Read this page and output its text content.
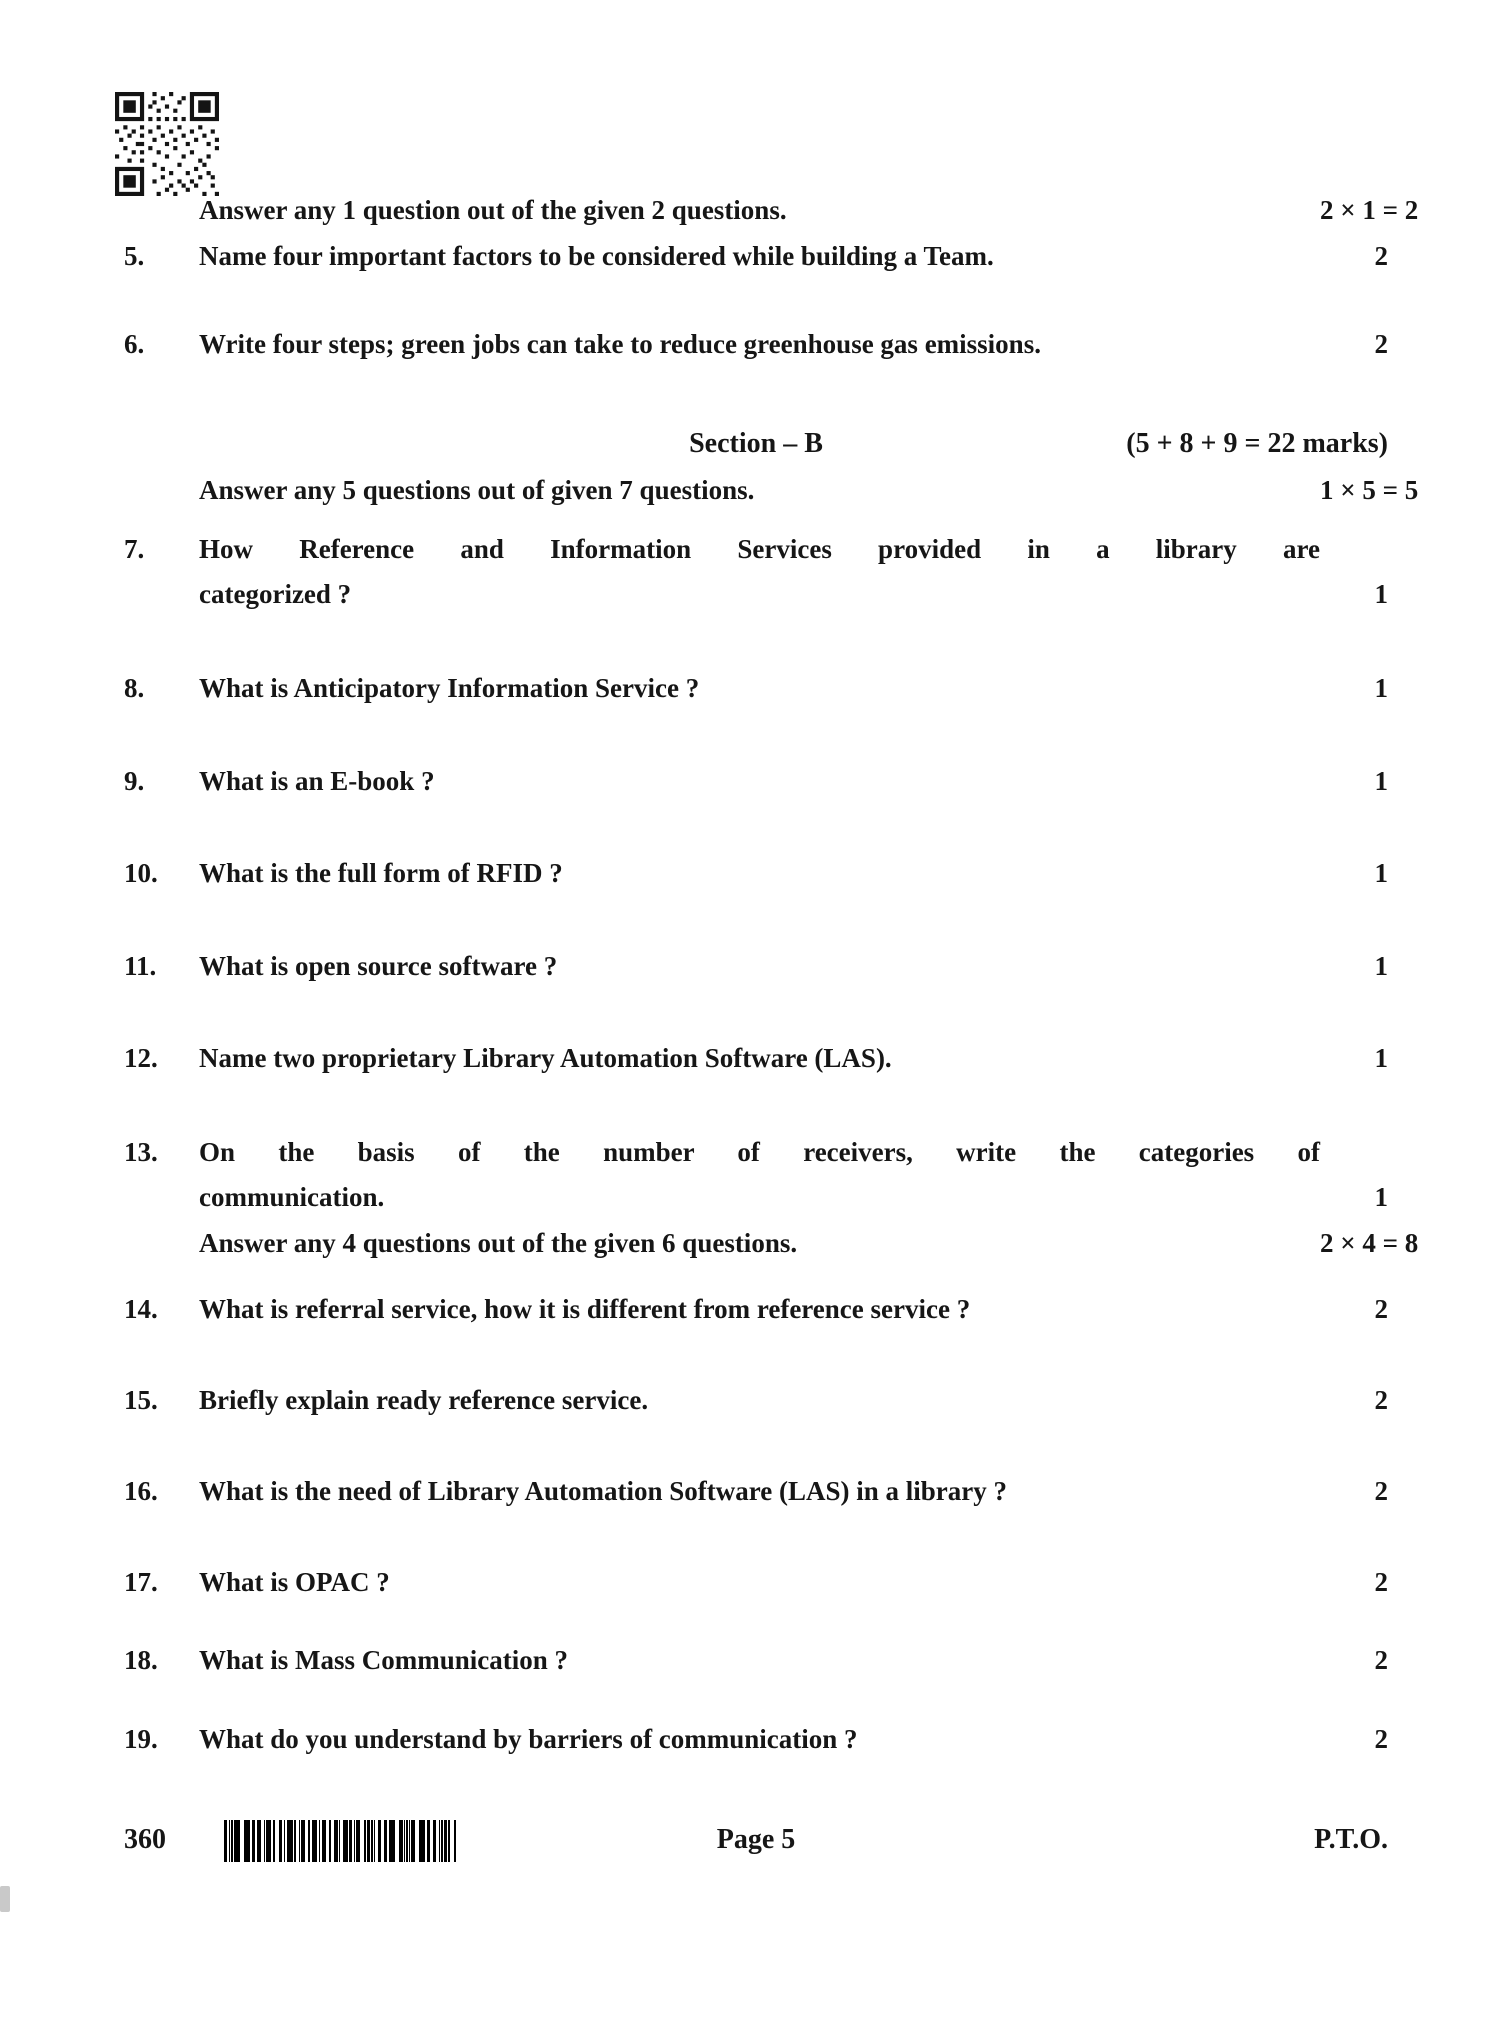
Answer any 1 question out of the given 2 questions.	2 × 1 = 2
5.	Name four important factors to be considered while building a Team.	2
6.	Write four steps; green jobs can take to reduce greenhouse gas emissions.	2
Section – B	(5 + 8 + 9 = 22 marks)
Answer any 5 questions out of given 7 questions.	1 × 5 = 5
7.	How Reference and Information Services provided in a library are
categorized ?	1
8.	What is Anticipatory Information Service ?	1
9.	What is an E-book ?	1
10.	What is the full form of RFID ?	1
11.	What is open source software ?	1
12.	Name two proprietary Library Automation Software (LAS).	1
13.	On the basis of the number of receivers, write the categories of
communication.	1
Answer any 4 questions out of the given 6 questions.	2 × 4 = 8
14.	What is referral service, how it is different from reference service ?	2
15.	Briefly explain ready reference service.	2
16.	What is the need of Library Automation Software (LAS) in a library ?	2
17.	What is OPAC ?	2
18.	What is Mass Communication ?	2
19.	What do you understand by barriers of communication ?	2
360	Page 5	P.T.O.
